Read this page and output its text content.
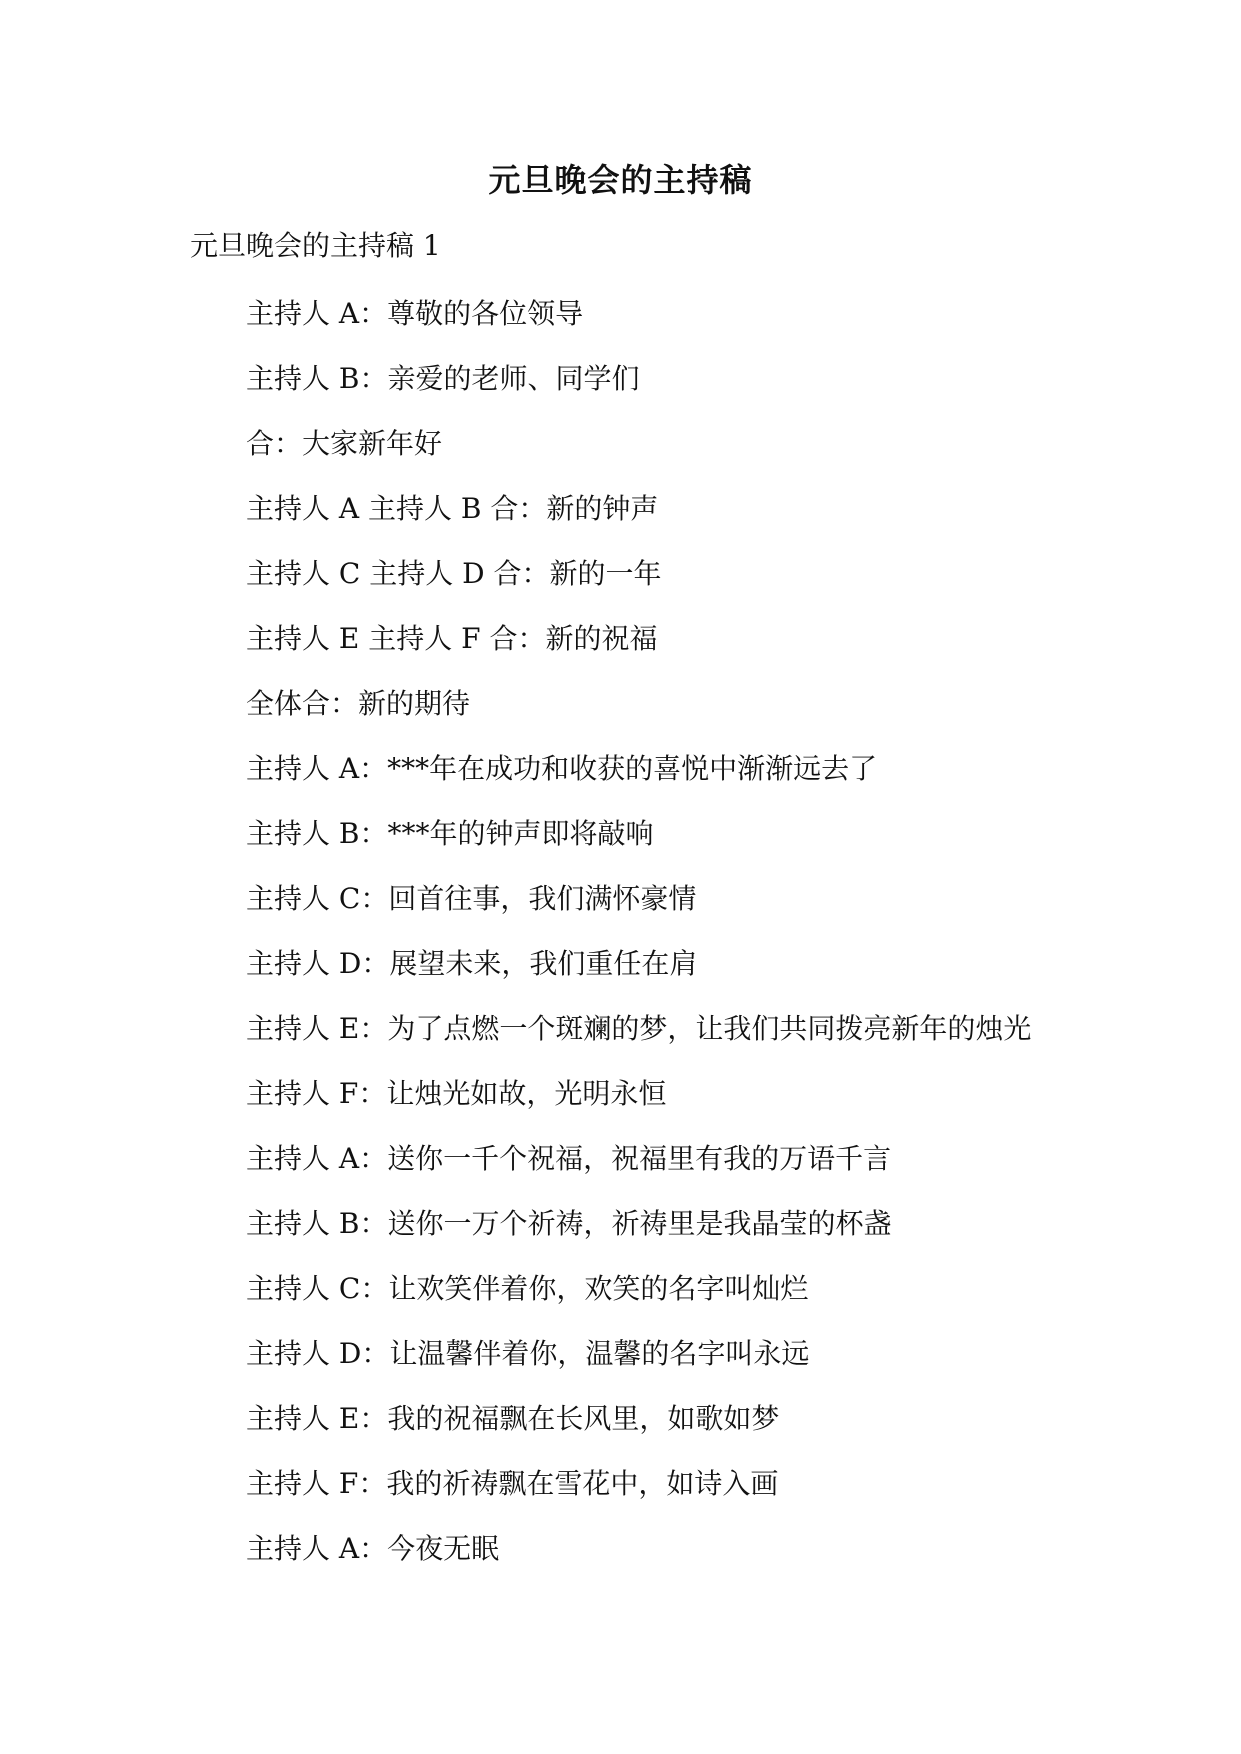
元旦晚会的主持稿
元旦晚会的主持稿 1
主持人 A：尊敬的各位领导
主持人 B：亲爱的老师、同学们
合：大家新年好
主持人 A 主持人 B 合：新的钟声
主持人 C 主持人 D 合：新的一年
主持人 E 主持人 F 合：新的祝福
全体合：新的期待
主持人 A：***年在成功和收获的喜悦中渐渐远去了
主持人 B：***年的钟声即将敲响
主持人 C：回首往事，我们满怀豪情
主持人 D：展望未来，我们重任在肩
主持人 E：为了点燃一个斑斓的梦，让我们共同拨亮新年的烛光
主持人 F：让烛光如故，光明永恒
主持人 A：送你一千个祝福，祝福里有我的万语千言
主持人 B：送你一万个祈祷，祈祷里是我晶莹的杯盏
主持人 C：让欢笑伴着你，欢笑的名字叫灿烂
主持人 D：让温馨伴着你，温馨的名字叫永远
主持人 E：我的祝福飘在长风里，如歌如梦
主持人 F：我的祈祷飘在雪花中，如诗入画
主持人 A：今夜无眠
